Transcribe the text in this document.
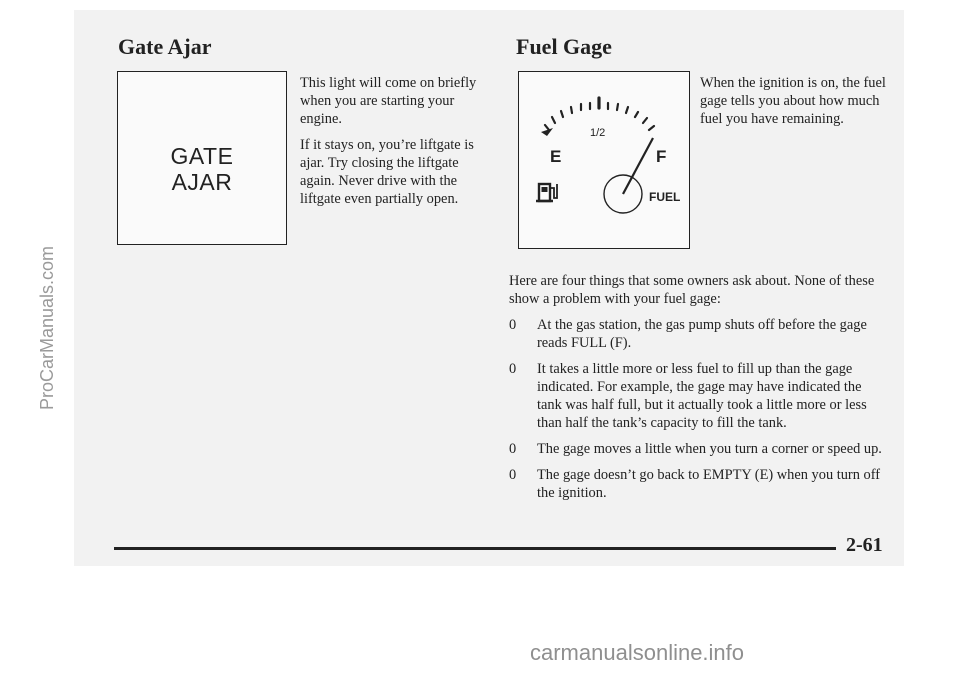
ProCarManuals.com
carmanualsonline.info
Gate Ajar
GATE
AJAR

This light will come on briefly when you are starting your engine.

If it stays on, you’re liftgate is ajar. Try closing the liftgate again. Never drive with the liftgate even partially open.

Fuel Gage
E	F
1/2
FUEL
When the ignition is on, the fuel gage tells you about how much fuel you have remaining.

Here are four things that some owners ask about. None of these show a problem with your fuel gage:

0	At the gas station, the gas pump shuts off before the gage reads FULL (F).

0	It takes a little more or less fuel to fill up than the gage indicated. For example, the gage may have indicated the tank was half full, but it actually took a little more or less than half the tank’s capacity to fill the tank.

0	The gage moves a little when you turn a corner or speed up.

0	The gage doesn’t go back to EMPTY (E) when you turn off the ignition.

2-61
